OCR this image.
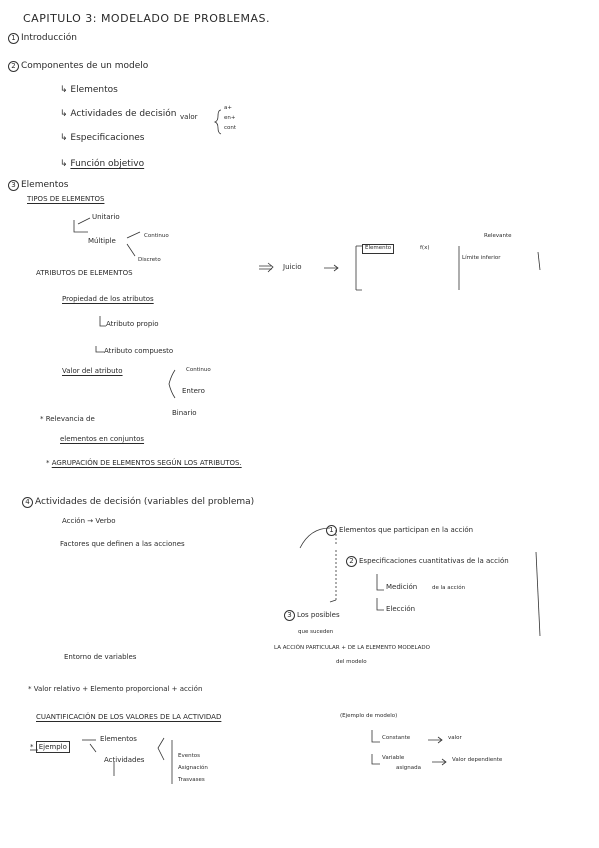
CAPITULO 3: MODELADO DE PROBLEMAS.
1 Introducción
2 Componentes de un modelo
↳ Elementos
↳ Actividades de decisión valor
a+
en+
cont
↳ Especificaciones
↳ Función objetivo
3 Elementos
TIPOS DE ELEMENTOS
Unitario
Múltiple
Continuo
Discreto
ATRIBUTOS DE ELEMENTOS
Juicio
Elemento	f(x)
Relevante
Límite inferior
Propiedad de los atributos
Atributo propio
Atributo compuesto
Valor del atributo	Continuo
Entero
Binario
* Relevancia de
elementos en conjuntos
* AGRUPACIÓN DE ELEMENTOS SEGÚN LOS ATRIBUTOS.
4 Actividades de decisión (variables del problema)
Acción → Verbo
Factores que definen a las acciones
1 Elementos que participan en la acción
2 Especificaciones cuantitativas de la acción
Medición	de la acción
Elección
3 Los posibles
que suceden
LA ACCIÓN PARTICULAR + DE LA ELEMENTO MODELADO
del modelo
Entorno de variables
* Valor relativo + Elemento proporcional + acción
CUANTIFICACIÓN DE LOS VALORES DE LA ACTIVIDAD	(Ejemplo de modelo)
* Ejemplo
Elementos
Actividades	Eventos
Asignación
Trasvases
Constante	valor
Variable
asignada
Valor dependiente
